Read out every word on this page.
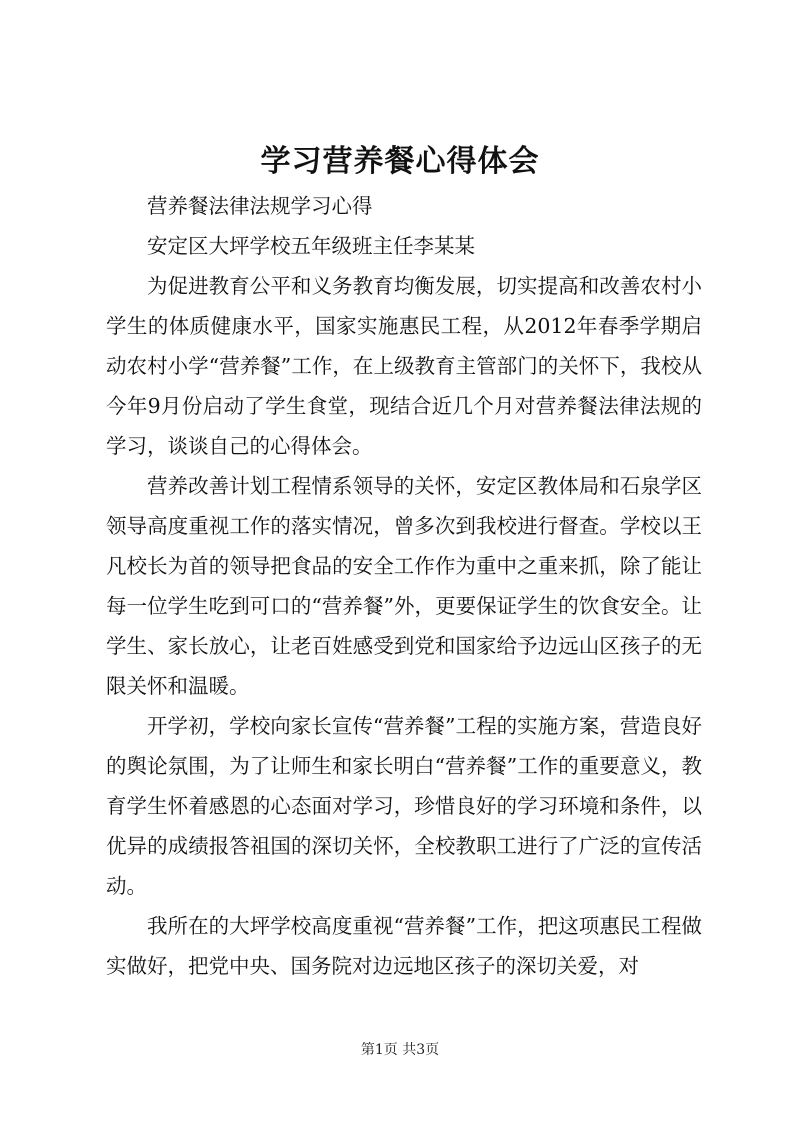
学习营养餐心得体会

营养餐法律法规学习心得

安定区大坪学校五年级班主任李某某

为促进教育公平和义务教育均衡发展，切实提高和改善农村小学生的体质健康水平，国家实施惠民工程，从2012年春季学期启动农村小学“营养餐”工作，在上级教育主管部门的关怀下，我校从今年9月份启动了学生食堂，现结合近几个月对营养餐法律法规的学习，谈谈自己的心得体会。

营养改善计划工程情系领导的关怀，安定区教体局和石泉学区领导高度重视工作的落实情况，曾多次到我校进行督查。学校以王凡校长为首的领导把食品的安全工作作为重中之重来抓，除了能让每一位学生吃到可口的“营养餐”外，更要保证学生的饮食安全。让学生、家长放心，让老百姓感受到党和国家给予边远山区孩子的无限关怀和温暖。

开学初，学校向家长宣传“营养餐”工程的实施方案，营造良好的舆论氛围，为了让师生和家长明白“营养餐”工作的重要意义，教育学生怀着感恩的心态面对学习，珍惜良好的学习环境和条件，以优异的成绩报答祖国的深切关怀，全校教职工进行了广泛的宣传活动。

我所在的大坪学校高度重视“营养餐”工作，把这项惠民工程做实做好，把党中央、国务院对边远地区孩子的深切关爱，对

第1页 共3页
